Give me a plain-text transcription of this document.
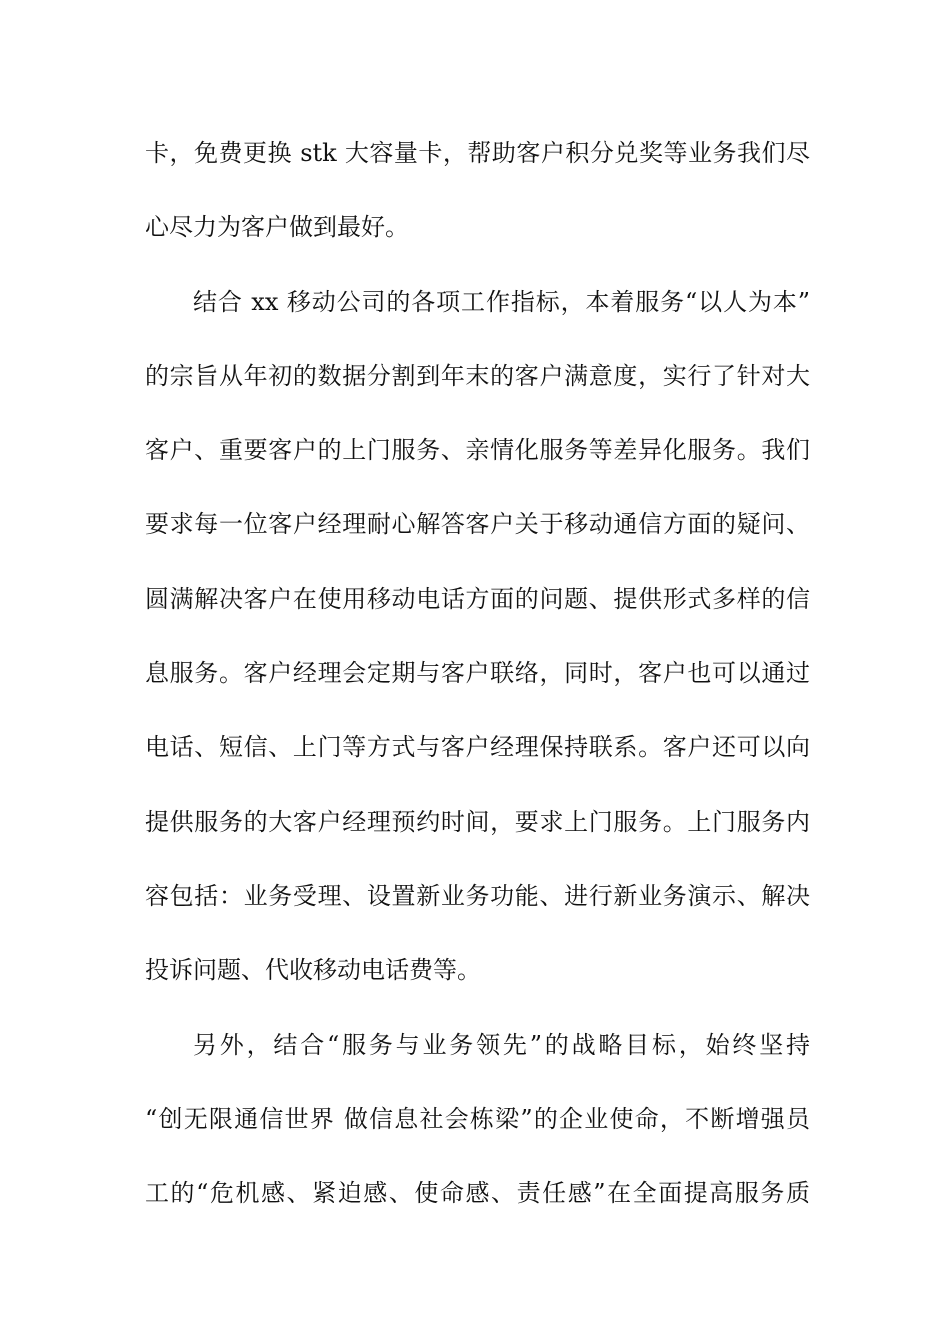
卡，免费更换 stk 大容量卡，帮助客户积分兑奖等业务我们尽
心尽力为客户做到最好。
结合 xx 移动公司的各项工作指标，本着服务“以人为本”
的宗旨从年初的数据分割到年末的客户满意度，实行了针对大
客户、重要客户的上门服务、亲情化服务等差异化服务。我们
要求每一位客户经理耐心解答客户关于移动通信方面的疑问、
圆满解决客户在使用移动电话方面的问题、提供形式多样的信
息服务。客户经理会定期与客户联络，同时，客户也可以通过
电话、短信、上门等方式与客户经理保持联系。客户还可以向
提供服务的大客户经理预约时间，要求上门服务。上门服务内
容包括：业务受理、设置新业务功能、进行新业务演示、解决
投诉问题、代收移动电话费等。
另外，结合“服务与业务领先”的战略目标，始终坚持
“创无限通信世界 做信息社会栋梁”的企业使命，不断增强员
工的“危机感、紧迫感、使命感、责任感”在全面提高服务质
